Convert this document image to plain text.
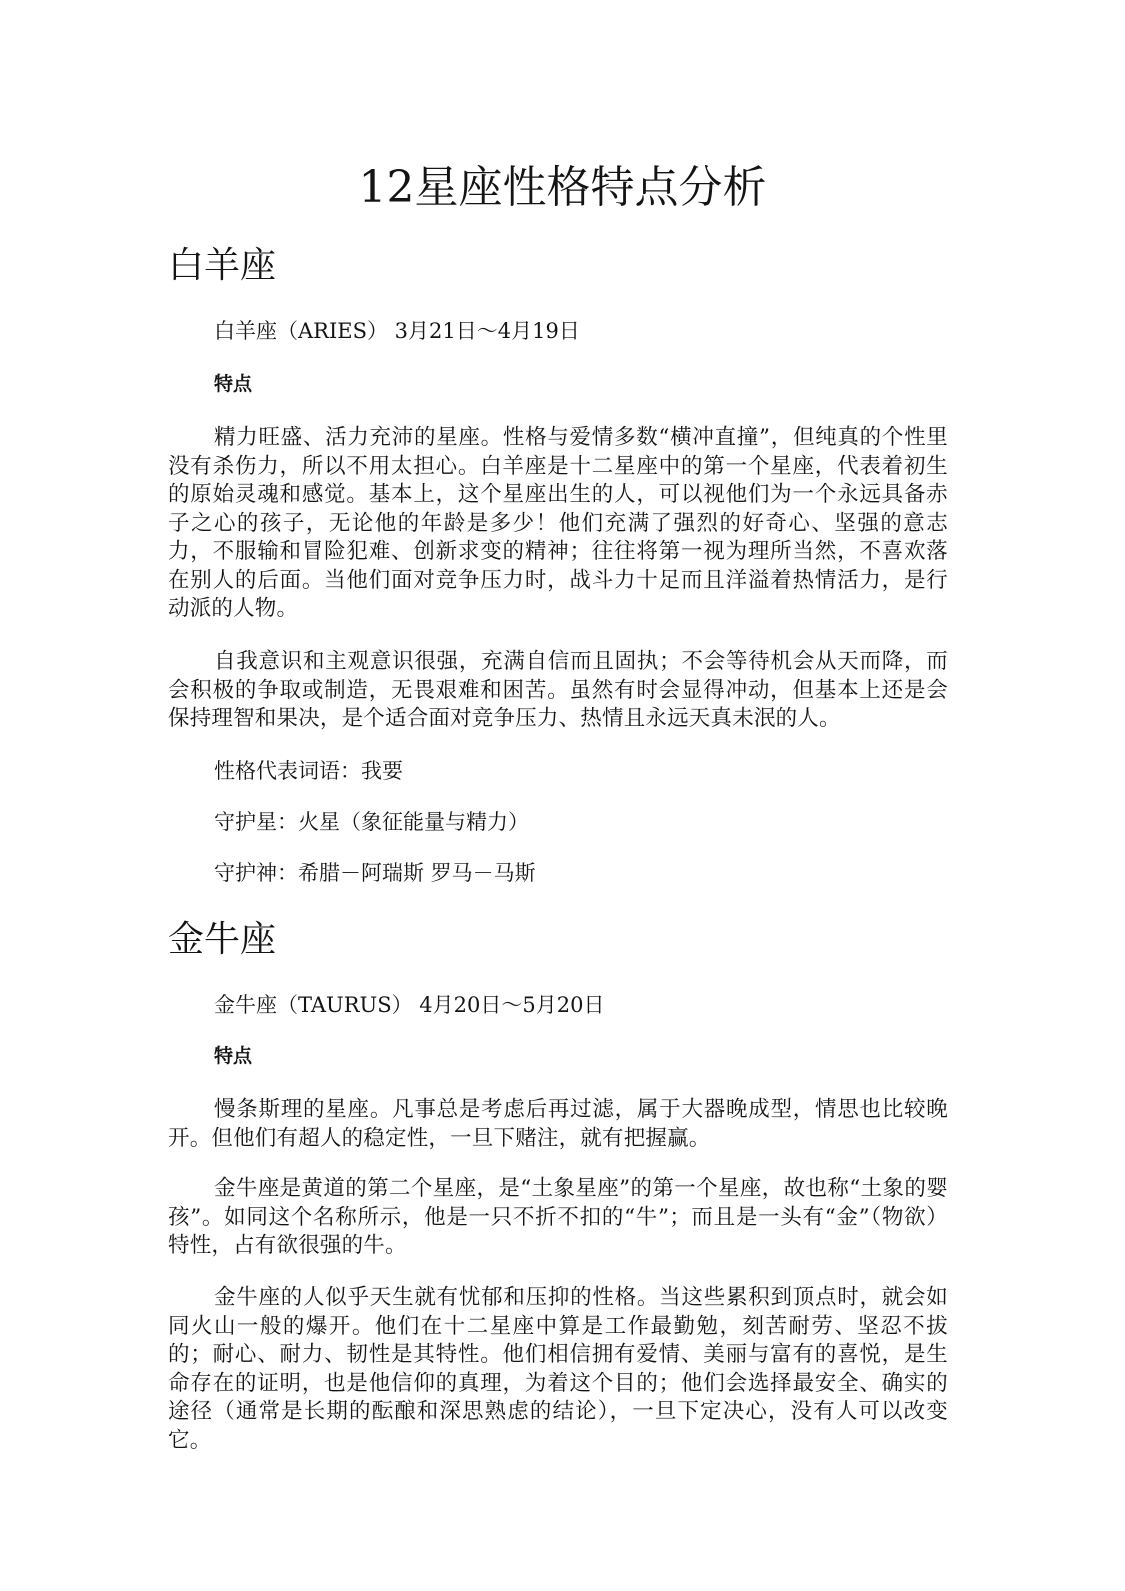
12星座性格特点分析
白羊座

白羊座（ARIES） 3月21日～4月19日

特点

精力旺盛、活力充沛的星座。性格与爱情多数“横冲直撞”，但纯真的个性里没有杀伤力，所以不用太担心。白羊座是十二星座中的第一个星座，代表着初生的原始灵魂和感觉。基本上，这个星座出生的人，可以视他们为一个永远具备赤子之心的孩子，无论他的年龄是多少！他们充满了强烈的好奇心、坚强的意志力，不服输和冒险犯难、创新求变的精神；往往将第一视为理所当然，不喜欢落在别人的后面。当他们面对竞争压力时，战斗力十足而且洋溢着热情活力，是行动派的人物。

自我意识和主观意识很强，充满自信而且固执；不会等待机会从天而降，而会积极的争取或制造，无畏艰难和困苦。虽然有时会显得冲动，但基本上还是会保持理智和果决，是个适合面对竞争压力、热情且永远天真未泯的人。

性格代表词语：我要

守护星：火星（象征能量与精力）

守护神：希腊－阿瑞斯 罗马－马斯

金牛座

金牛座（TAURUS） 4月20日～5月20日

特点

慢条斯理的星座。凡事总是考虑后再过滤，属于大器晚成型，情思也比较晚开。但他们有超人的稳定性，一旦下赌注，就有把握赢。

金牛座是黄道的第二个星座，是“土象星座”的第一个星座，故也称“土象的婴孩”。如同这个名称所示，他是一只不折不扣的“牛”；而且是一头有“金”（物欲）特性，占有欲很强的牛。

金牛座的人似乎天生就有忧郁和压抑的性格。当这些累积到顶点时，就会如同火山一般的爆开。他们在十二星座中算是工作最勤勉，刻苦耐劳、坚忍不拔的；耐心、耐力、韧性是其特性。他们相信拥有爱情、美丽与富有的喜悦，是生命存在的证明，也是他信仰的真理，为着这个目的；他们会选择最安全、确实的途径（通常是长期的酝酿和深思熟虑的结论），一旦下定决心，没有人可以改变它。
